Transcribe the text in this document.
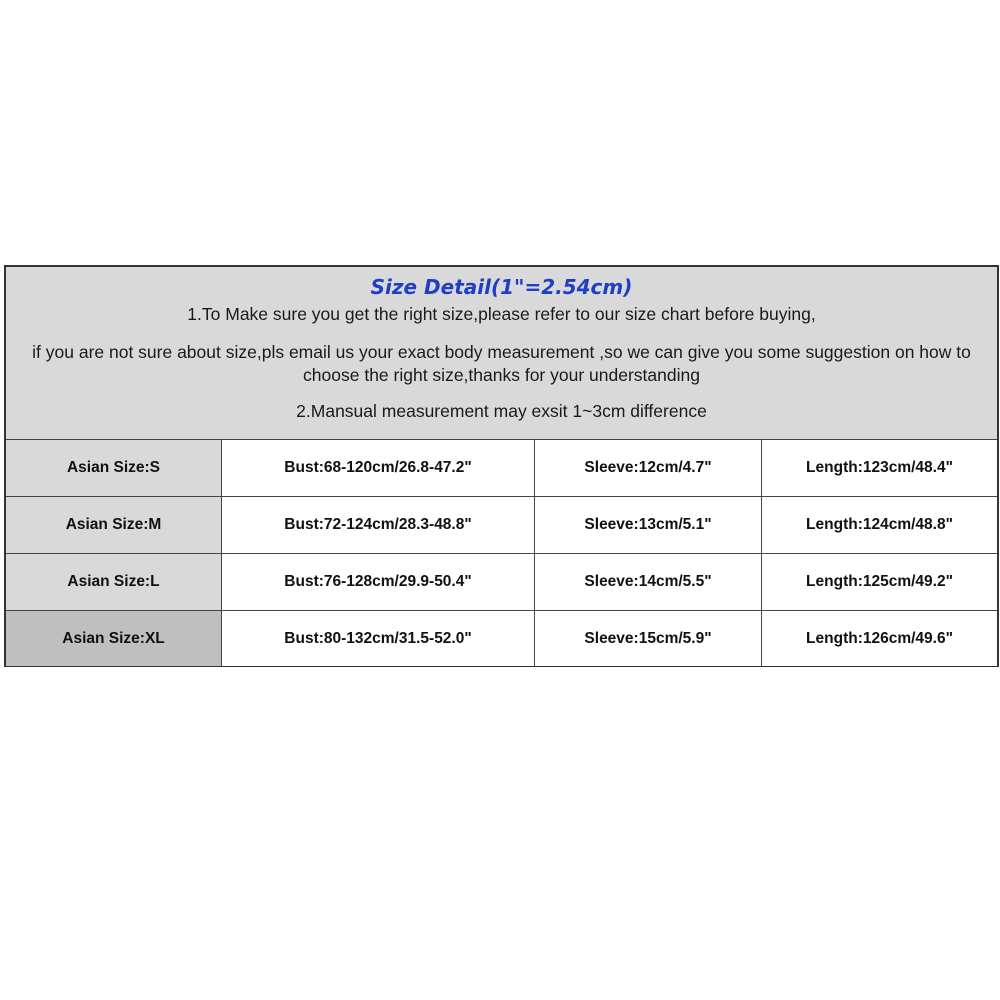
Size Detail(1"=2.54cm)
1.To Make sure you get the right size,please refer to our size chart before buying,
if you are not sure about size,pls email us your exact body measurement ,so we can give you some suggestion on how to choose the right size,thanks for your understanding
2.Mansual measurement may exsit 1~3cm difference
Asian Size:S	Bust:68-120cm/26.8-47.2"	Sleeve:12cm/4.7"	Length:123cm/48.4"
Asian Size:M	Bust:72-124cm/28.3-48.8"	Sleeve:13cm/5.1"	Length:124cm/48.8"
Asian Size:L	Bust:76-128cm/29.9-50.4"	Sleeve:14cm/5.5"	Length:125cm/49.2"
Asian Size:XL	Bust:80-132cm/31.5-52.0"	Sleeve:15cm/5.9"	Length:126cm/49.6"
